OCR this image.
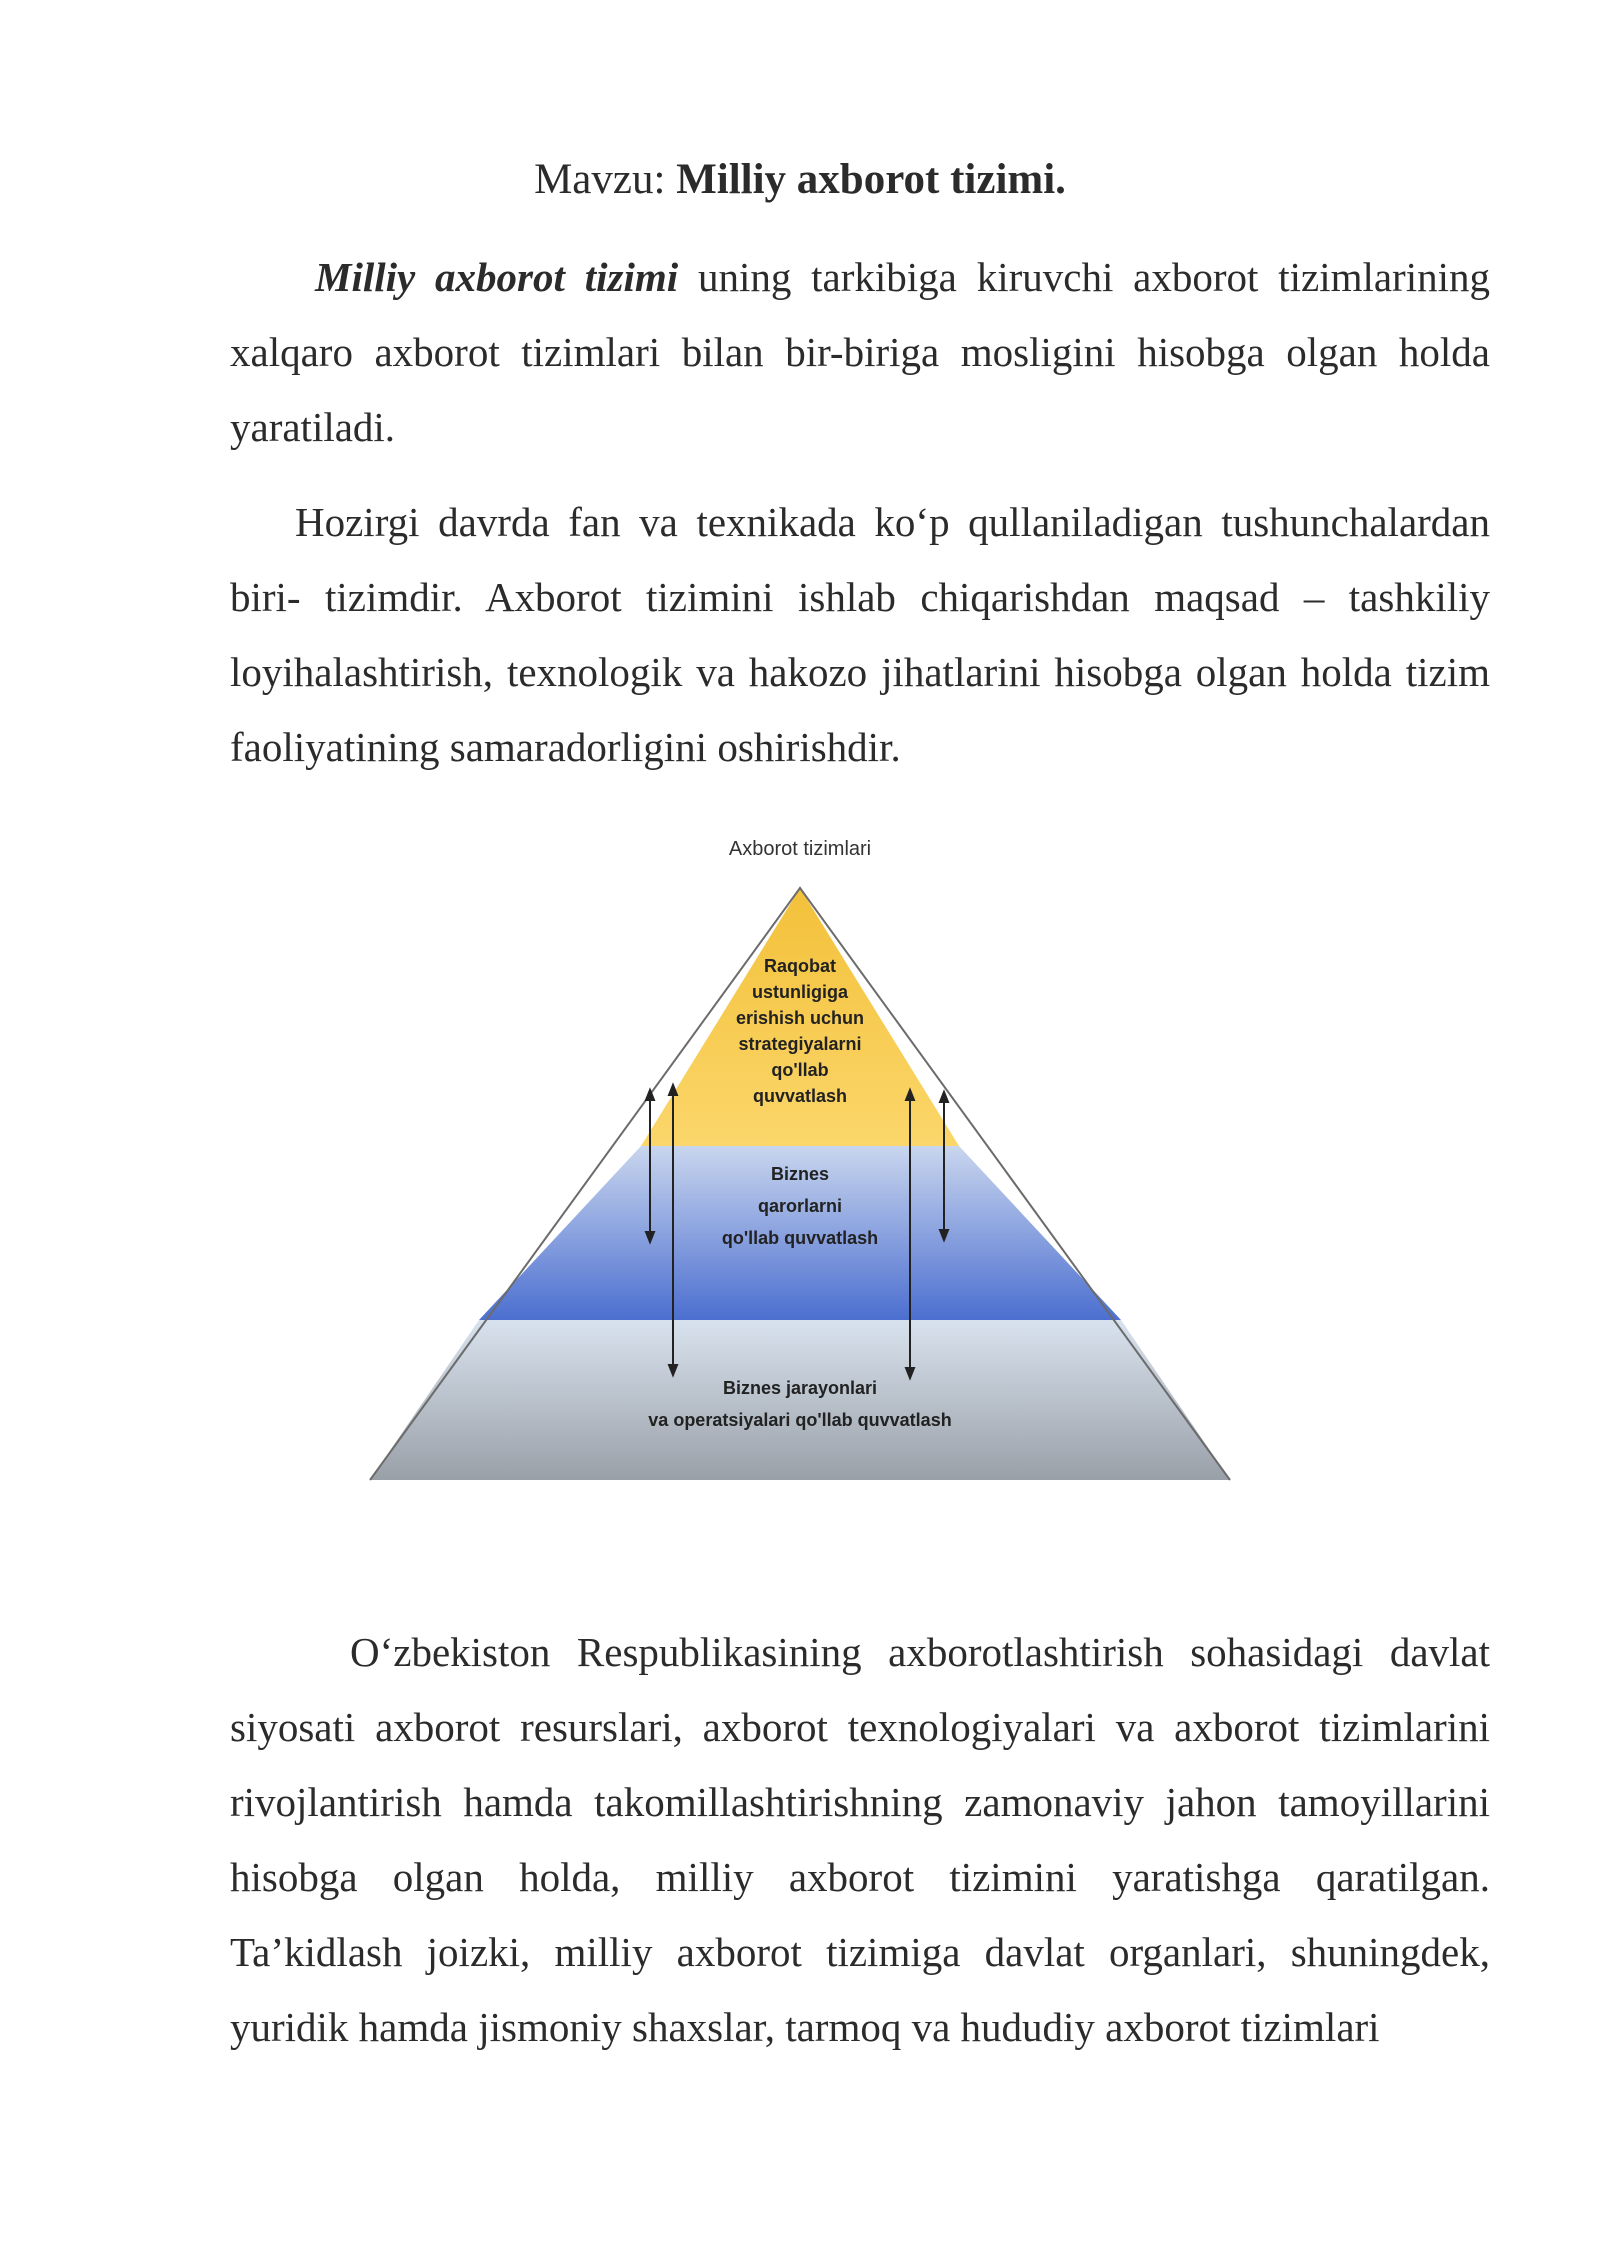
Mavzu: Milliy axborot tizimi.

Milliy axborot tizimi uning tarkibiga kiruvchi axborot tizimlarining xalqaro axborot tizimlari bilan bir-biriga mosligini hisobga olgan holda yaratiladi.

Hozirgi davrda fan va texnikada koʻp qullaniladigan tushunchalardan biri- tizimdir. Axborot tizimini ishlab chiqarishdan maqsad – tashkiliy loyihalashtirish, texnologik va hakozo jihatlarini hisobga olgan holda tizim faoliyatining samaradorligini oshirishdir.

Axborot tizimlari
Raqobat
ustunligiga
erishish uchun
strategiyalarni
qo'llab
quvvatlash
Biznes
qarorlarni
qo'llab quvvatlash
Biznes jarayonlari
va operatsiyalari qo'llab quvvatlash

Oʻzbekiston Respublikasining axborotlashtirish sohasidagi davlat siyosati axborot resurslari, axborot texnologiyalari va axborot tizimlarini rivojlantirish hamda takomillashtirishning zamonaviy jahon tamoyillarini hisobga olgan holda, milliy axborot tizimini yaratishga qaratilgan. Ta’kidlash joizki, milliy axborot tizimiga davlat organlari, shuningdek, yuridik hamda jismoniy shaxslar, tarmoq va hududiy axborot tizimlari
